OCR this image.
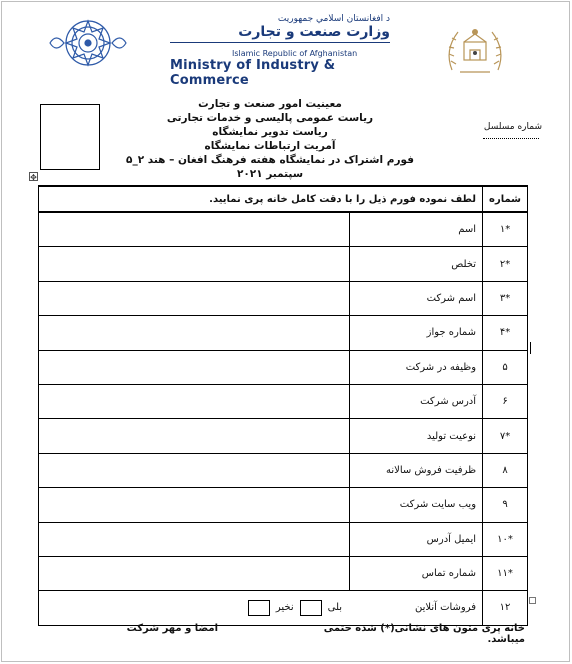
د افغانستان اسلامي جمهوریت
وزارت صنعت و تجارت
Islamic Republic of Afghanistan
Ministry of Industry & Commerce
معینیت امور صنعت و تجارت
ریاست عمومی پالیسی و خدمات تجارتی
ریاست تدویر نمایشگاه
آمریت ارتباطات نمایشگاه
فورم اشتراک در نمایشگاه هفته فرهنگ افغان – هند ۲_۵ سپتمبر ۲۰۲۱
شماره مسلسل
✥
شماره	لطف نموده فورم ذیل را با دقت کامل خانه پری نمایید.	
*۱	اسم	
*۲	تخلص	
*۳	اسم شرکت	
*۴	شماره جواز	
۵	وظیفه در شرکت	
۶	آدرس شرکت	
*۷	نوعیت تولید	
۸	ظرفیت فروش سالانه	
۹	ویب سایت شرکت	
*۱۰	ایمیل آدرس	
*۱۱	شماره تماس	
۱۲	فروشات آنلاین
بلی
نخیر	
خانه پری متون های نشانی(*) شده حتمی میباشد.
امضا و مهر شرکت
